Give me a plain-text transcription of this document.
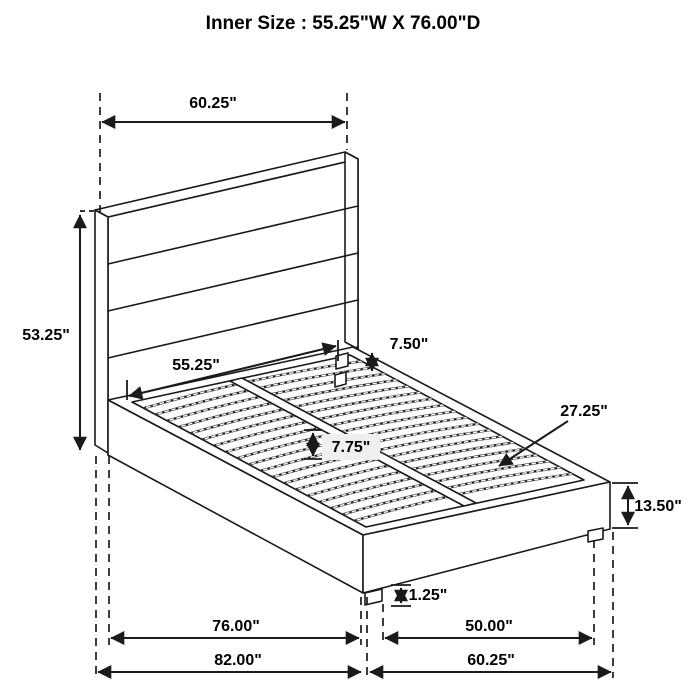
Inner Size : 55.25"W X 76.00"D
60.25"
53.25"
55.25"
7.50"
7.75"
27.25"
13.50"
1.25"
76.00"
82.00"
50.00"
60.25"
